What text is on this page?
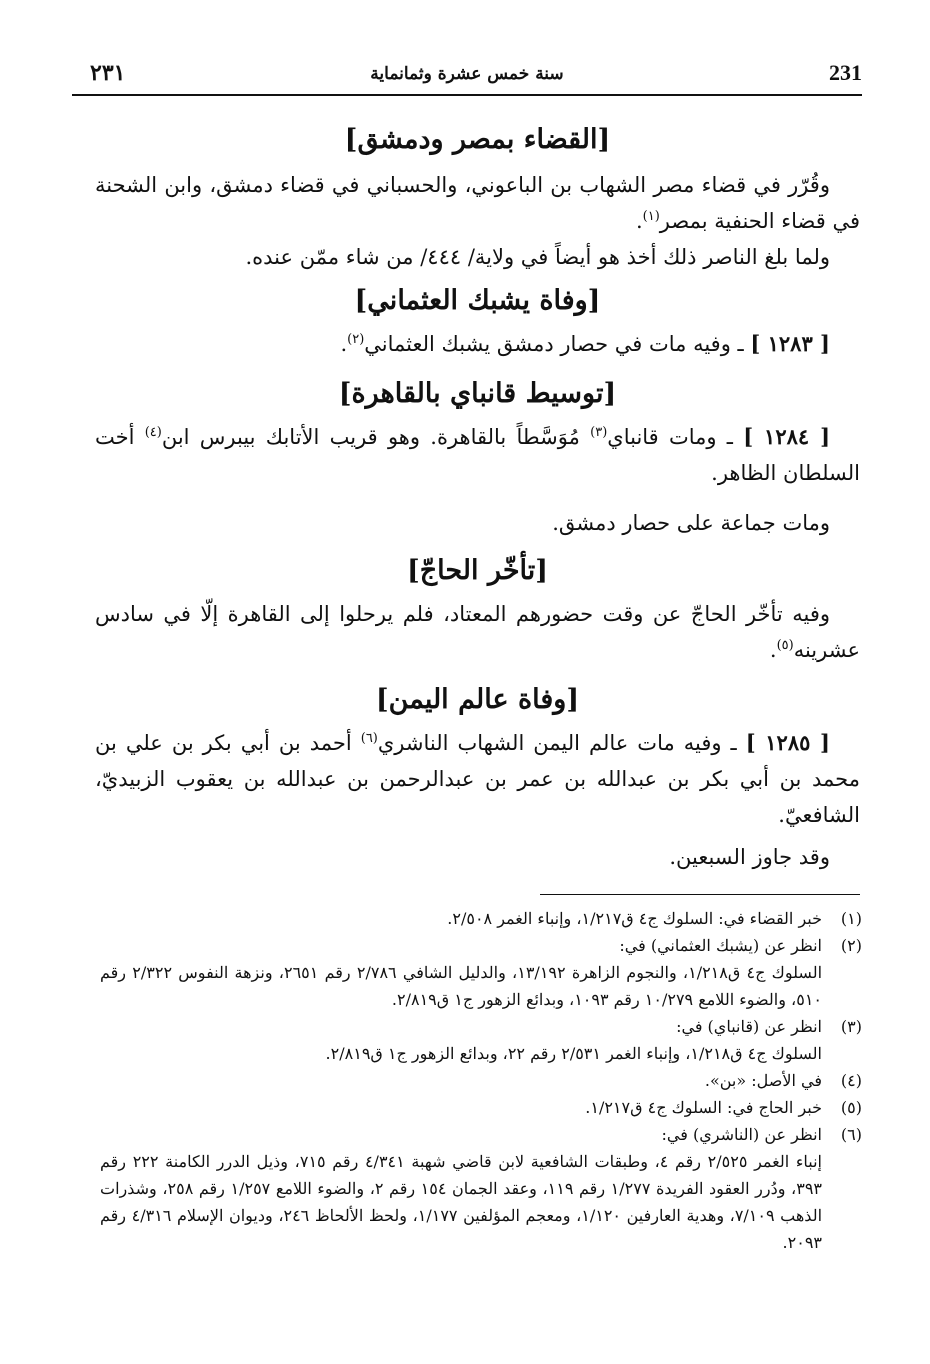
231
سنة خمس عشرة وثمانماية
٢٣١
[القضاء بمصر ودمشق]

وقُرّر في قضاء مصر الشهاب بن الباعوني، والحسباني في قضاء دمشق، وابن الشحنة في قضاء الحنفية بمصر$^{(١)}$.

ولما بلغ الناصر ذلك أخذ هو أيضاً في ولاية/ ٤٤٤/ من شاء ممّن عنده.

[وفاة يشبك العثماني]

[ ١٢٨٣ ] ـ وفيه مات في حصار دمشق يشبك العثماني$^{(٢)}$.

[توسيط قانباي بالقاهرة]

[ ١٢٨٤ ] ـ ومات قانباي$^{(٣)}$ مُوَسَّطاً بالقاهرة. وهو قريب الأتابك بيبرس ابن$^{(٤)}$ أخت السلطان الظاهر.

ومات جماعة على حصار دمشق.

[تأخّر الحاجّ]

وفيه تأخّر الحاجّ عن وقت حضورهم المعتاد، فلم يرحلوا إلى القاهرة إلّا في سادس عشرينه$^{(٥)}$.

[وفاة عالم اليمن]

[ ١٢٨٥ ] ـ وفيه مات عالم اليمن الشهاب الناشري$^{(٦)}$ أحمد بن أبي بكر بن علي بن محمد بن أبي بكر بن عبدالله بن عمر بن عبدالرحمن بن عبدالله بن يعقوب الزبيديّ، الشافعيّ.

وقد جاوز السبعين.

(١)خبر القضاء في: السلوك ج٤ ق١/٢١٧، وإنباء الغمر ٢/٥٠٨.

(٢)انظر عن (يشبك العثماني) في:

السلوك ج٤ ق١/٢١٨، والنجوم الزاهرة ١٣/١٩٢، والدليل الشافي ٢/٧٨٦ رقم ٢٦٥١، ونزهة النفوس ٢/٣٢٢ رقم ٥١٠، والضوء اللامع ١٠/٢٧٩ رقم ١٠٩٣، وبدائع الزهور ج١ ق٢/٨١٩.

(٣)انظر عن (قانباي) في:

السلوك ج٤ ق١/٢١٨، وإنباء الغمر ٢/٥٣١ رقم ٢٢، وبدائع الزهور ج١ ق٢/٨١٩.

(٤)في الأصل: «بن».

(٥)خبر الحاج في: السلوك ج٤ ق١/٢١٧.

(٦)انظر عن (الناشري) في:

إنباء الغمر ٢/٥٢٥ رقم ٤، وطبقات الشافعية لابن قاضي شهبة ٤/٣٤١ رقم ٧١٥، وذيل الدرر الكامنة ٢٢٢ رقم ٣٩٣، ودُرر العقود الفريدة ١/٢٧٧ رقم ١١٩، وعقد الجمان ١٥٤ رقم ٢، والضوء اللامع ١/٢٥٧ رقم ٢٥٨، وشذرات الذهب ٧/١٠٩، وهدية العارفين ١/١٢٠، ومعجم المؤلفين ١/١٧٧، ولحظ الألحاظ ٢٤٦، وديوان الإسلام ٤/٣١٦ رقم ٢٠٩٣.
